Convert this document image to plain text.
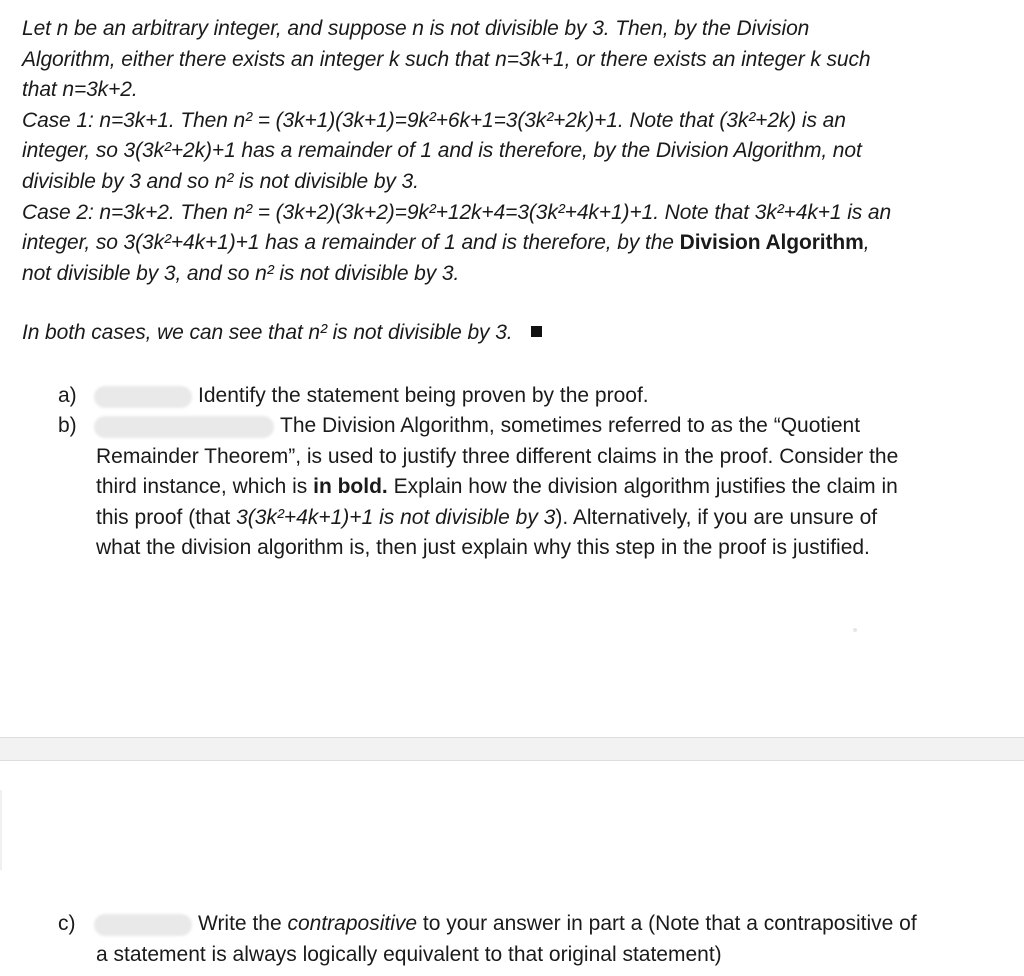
Let n be an arbitrary integer, and suppose n is not divisible by 3. Then, by the Division
Algorithm, either there exists an integer k such that n=3k+1, or there exists an integer k such
that n=3k+2.

Case 1: n=3k+1. Then n² = (3k+1)(3k+1)=9k²+6k+1=3(3k²+2k)+1. Note that (3k²+2k) is an
integer, so 3(3k²+2k)+1 has a remainder of 1 and is therefore, by the Division Algorithm, not
divisible by 3 and so n² is not divisible by 3.

Case 2: n=3k+2. Then n² = (3k+2)(3k+2)=9k²+12k+4=3(3k²+4k+1)+1. Note that 3k²+4k+1 is an
integer, so 3(3k²+4k+1)+1 has a remainder of 1 and is therefore, by the Division Algorithm,
not divisible by 3, and so n² is not divisible by 3.

In both cases, we can see that n² is not divisible by 3.

a)	Identify the statement being proven by the proof.
b)	The Division Algorithm, sometimes referred to as the “Quotient
Remainder Theorem”, is used to justify three different claims in the proof. Consider the
third instance, which is in bold. Explain how the division algorithm justifies the claim in
this proof (that 3(3k²+4k+1)+1 is not divisible by 3). Alternatively, if you are unsure of
what the division algorithm is, then just explain why this step in the proof is justified.
c)	Write the contrapositive to your answer in part a (Note that a contrapositive of
a statement is always logically equivalent to that original statement)
